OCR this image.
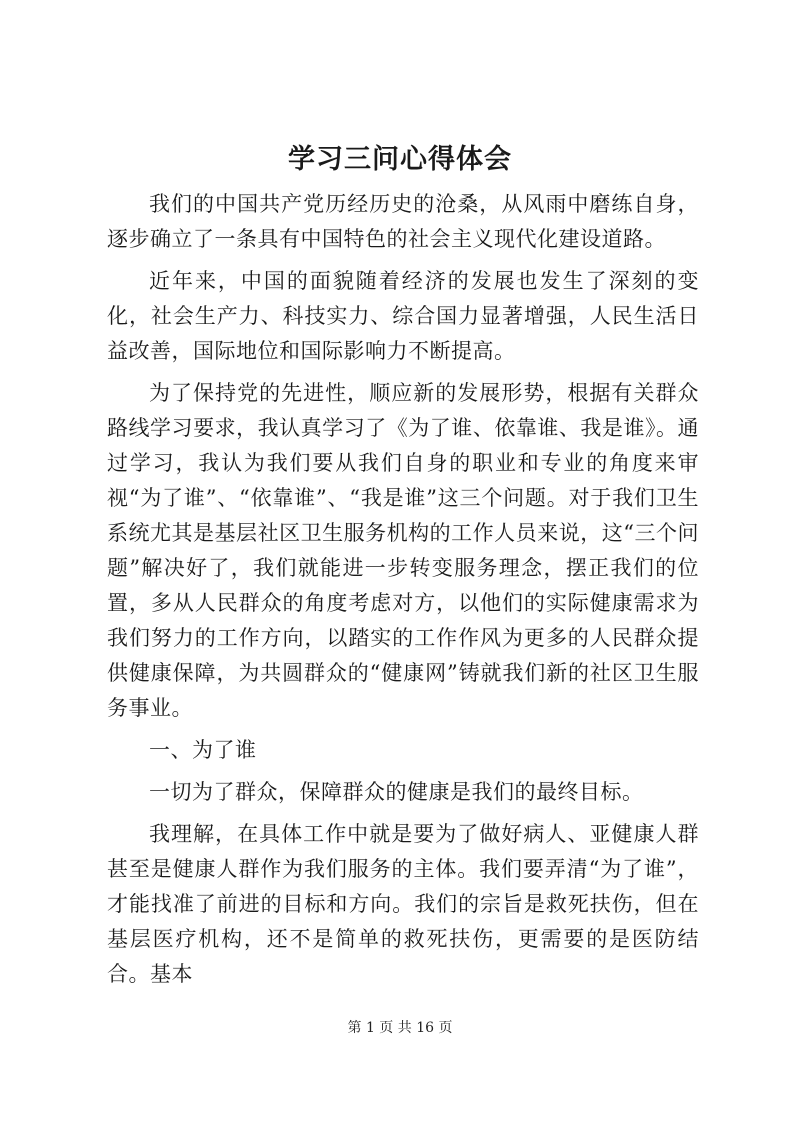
学习三问心得体会

我们的中国共产党历经历史的沧桑，从风雨中磨练自身，逐步确立了一条具有中国特色的社会主义现代化建设道路。

近年来，中国的面貌随着经济的发展也发生了深刻的变化，社会生产力、科技实力、综合国力显著增强，人民生活日益改善，国际地位和国际影响力不断提高。

为了保持党的先进性，顺应新的发展形势，根据有关群众路线学习要求，我认真学习了《为了谁、依靠谁、我是谁》。通过学习，我认为我们要从我们自身的职业和专业的角度来审视“为了谁”、“依靠谁”、“我是谁”这三个问题。对于我们卫生系统尤其是基层社区卫生服务机构的工作人员来说，这“三个问题”解决好了，我们就能进一步转变服务理念，摆正我们的位置，多从人民群众的角度考虑对方，以他们的实际健康需求为我们努力的工作方向，以踏实的工作作风为更多的人民群众提供健康保障，为共圆群众的“健康网”铸就我们新的社区卫生服务事业。

一、为了谁

一切为了群众，保障群众的健康是我们的最终目标。

我理解，在具体工作中就是要为了做好病人、亚健康人群甚至是健康人群作为我们服务的主体。我们要弄清“为了谁”，才能找准了前进的目标和方向。我们的宗旨是救死扶伤，但在基层医疗机构，还不是简单的救死扶伤，更需要的是医防结合。基本

第 1 页 共 16 页
